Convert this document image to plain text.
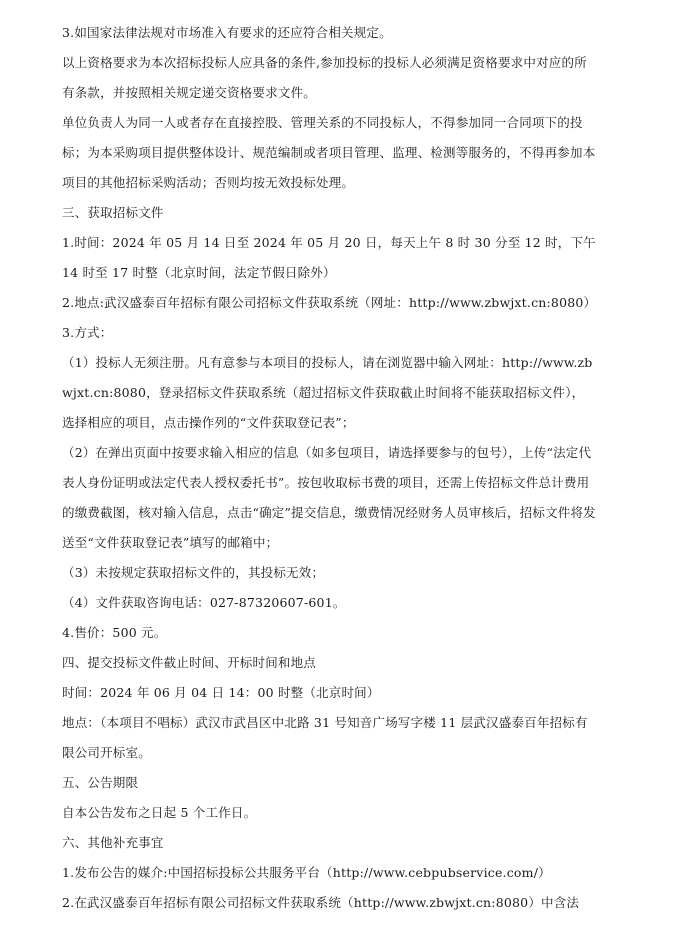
3.如国家法律法规对市场准入有要求的还应符合相关规定。

以上资格要求为本次招标投标人应具备的条件,参加投标的投标人必须满足资格要求中对应的所有条款，并按照相关规定递交资格要求文件。

单位负责人为同一人或者存在直接控股、管理关系的不同投标人，不得参加同一合同项下的投标；为本采购项目提供整体设计、规范编制或者项目管理、监理、检测等服务的，不得再参加本项目的其他招标采购活动；否则均按无效投标处理。

三、获取招标文件

1.时间：2024 年 05 月 14 日至 2024 年 05 月 20 日，每天上午 8 时 30 分至 12 时，下午 14 时至 17 时整（北京时间，法定节假日除外）

2.地点:武汉盛泰百年招标有限公司招标文件获取系统（网址：http://www.zbwjxt.cn:8080）

3.方式：

（1）投标人无须注册。凡有意参与本项目的投标人，请在浏览器中输入网址：http://www.zbwjxt.cn:8080，登录招标文件获取系统（超过招标文件获取截止时间将不能获取招标文件），选择相应的项目，点击操作列的“文件获取登记表”；

（2）在弹出页面中按要求输入相应的信息（如多包项目，请选择要参与的包号），上传“法定代表人身份证明或法定代表人授权委托书”。按包收取标书费的项目，还需上传招标文件总计费用的缴费截图，核对输入信息，点击“确定”提交信息，缴费情况经财务人员审核后，招标文件将发送至“文件获取登记表”填写的邮箱中；

（3）未按规定获取招标文件的，其投标无效；

（4）文件获取咨询电话：027-87320607-601。

4.售价：500 元。

四、提交投标文件截止时间、开标时间和地点

时间：2024 年 06 月 04 日 14：00 时整（北京时间）

地点：（本项目不唱标）武汉市武昌区中北路 31 号知音广场写字楼 11 层武汉盛泰百年招标有限公司开标室。

五、公告期限

自本公告发布之日起 5 个工作日。

六、其他补充事宜

1.发布公告的媒介:中国招标投标公共服务平台（http://www.cebpubservice.com/）

2.在武汉盛泰百年招标有限公司招标文件获取系统（http://www.zbwjxt.cn:8080）中含法
